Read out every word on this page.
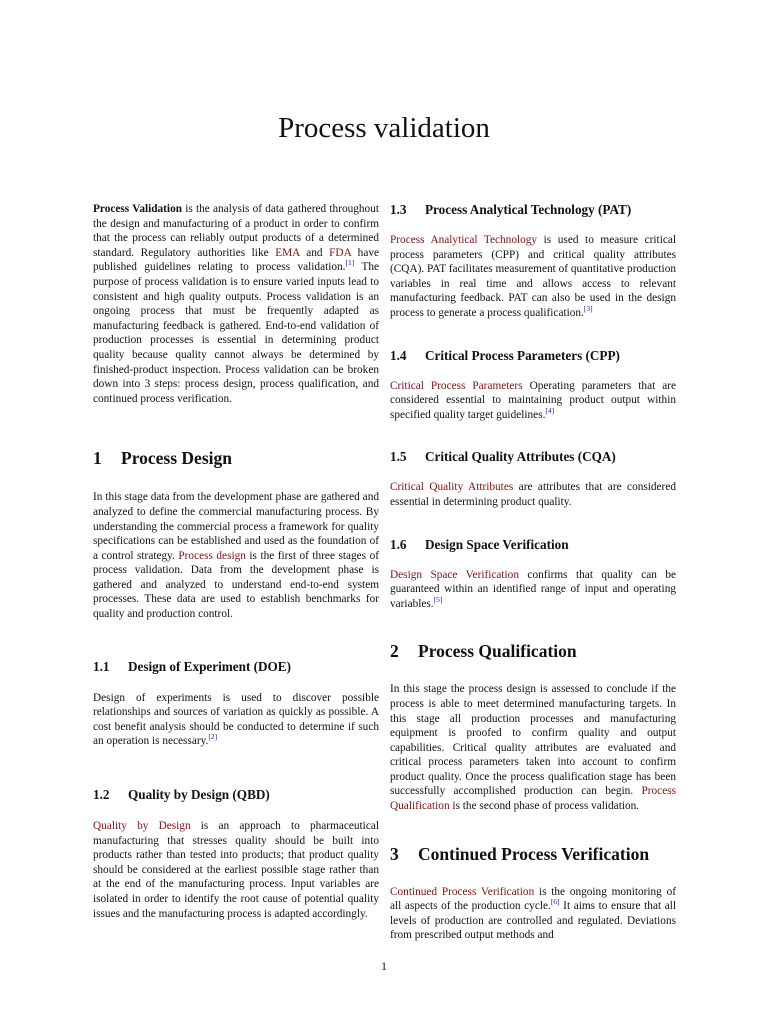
Process validation

Process Validation is the analysis of data gathered throughout the design and manufacturing of a product in order to confirm that the process can reliably output products of a determined standard. Regulatory authorities like EMA and FDA have published guidelines relating to process validation.[1] The purpose of process validation is to ensure varied inputs lead to consistent and high quality outputs. Process validation is an ongoing process that must be frequently adapted as manufacturing feedback is gathered. End-to-end validation of production processes is essential in determining product quality because quality cannot always be determined by finished-product inspection. Process validation can be broken down into 3 steps: process design, process qualification, and continued process verification.

1 Process Design

In this stage data from the development phase are gathered and analyzed to define the commercial manufacturing process. By understanding the commercial process a framework for quality specifications can be established and used as the foundation of a control strategy. Process design is the first of three stages of process validation. Data from the development phase is gathered and analyzed to understand end-to-end system processes. These data are used to establish benchmarks for quality and production control.

1.1 Design of Experiment (DOE)

Design of experiments is used to discover possible relationships and sources of variation as quickly as possible. A cost benefit analysis should be conducted to determine if such an operation is necessary.[2]

1.2 Quality by Design (QBD)

Quality by Design is an approach to pharmaceutical manufacturing that stresses quality should be built into products rather than tested into products; that product quality should be considered at the earliest possible stage rather than at the end of the manufacturing process. Input variables are isolated in order to identify the root cause of potential quality issues and the manufacturing process is adapted accordingly.

1.3 Process Analytical Technology (PAT)

Process Analytical Technology is used to measure critical process parameters (CPP) and critical quality attributes (CQA). PAT facilitates measurement of quantitative production variables in real time and allows access to relevant manufacturing feedback. PAT can also be used in the design process to generate a process qualification.[3]

1.4 Critical Process Parameters (CPP)

Critical Process Parameters Operating parameters that are considered essential to maintaining product output within specified quality target guidelines.[4]

1.5 Critical Quality Attributes (CQA)

Critical Quality Attributes are attributes that are considered essential in determining product quality.

1.6 Design Space Verification

Design Space Verification confirms that quality can be guaranteed within an identified range of input and operating variables.[5]

2 Process Qualification

In this stage the process design is assessed to conclude if the process is able to meet determined manufacturing targets. In this stage all production processes and manufacturing equipment is proofed to confirm quality and output capabilities. Critical quality attributes are evaluated and critical process parameters taken into account to confirm product quality. Once the process qualification stage has been successfully accomplished production can begin. Process Qualification is the second phase of process validation.

3 Continued Process Verification

Continued Process Verification is the ongoing monitoring of all aspects of the production cycle.[6] It aims to ensure that all levels of production are controlled and regulated. Deviations from prescribed output methods and

1
